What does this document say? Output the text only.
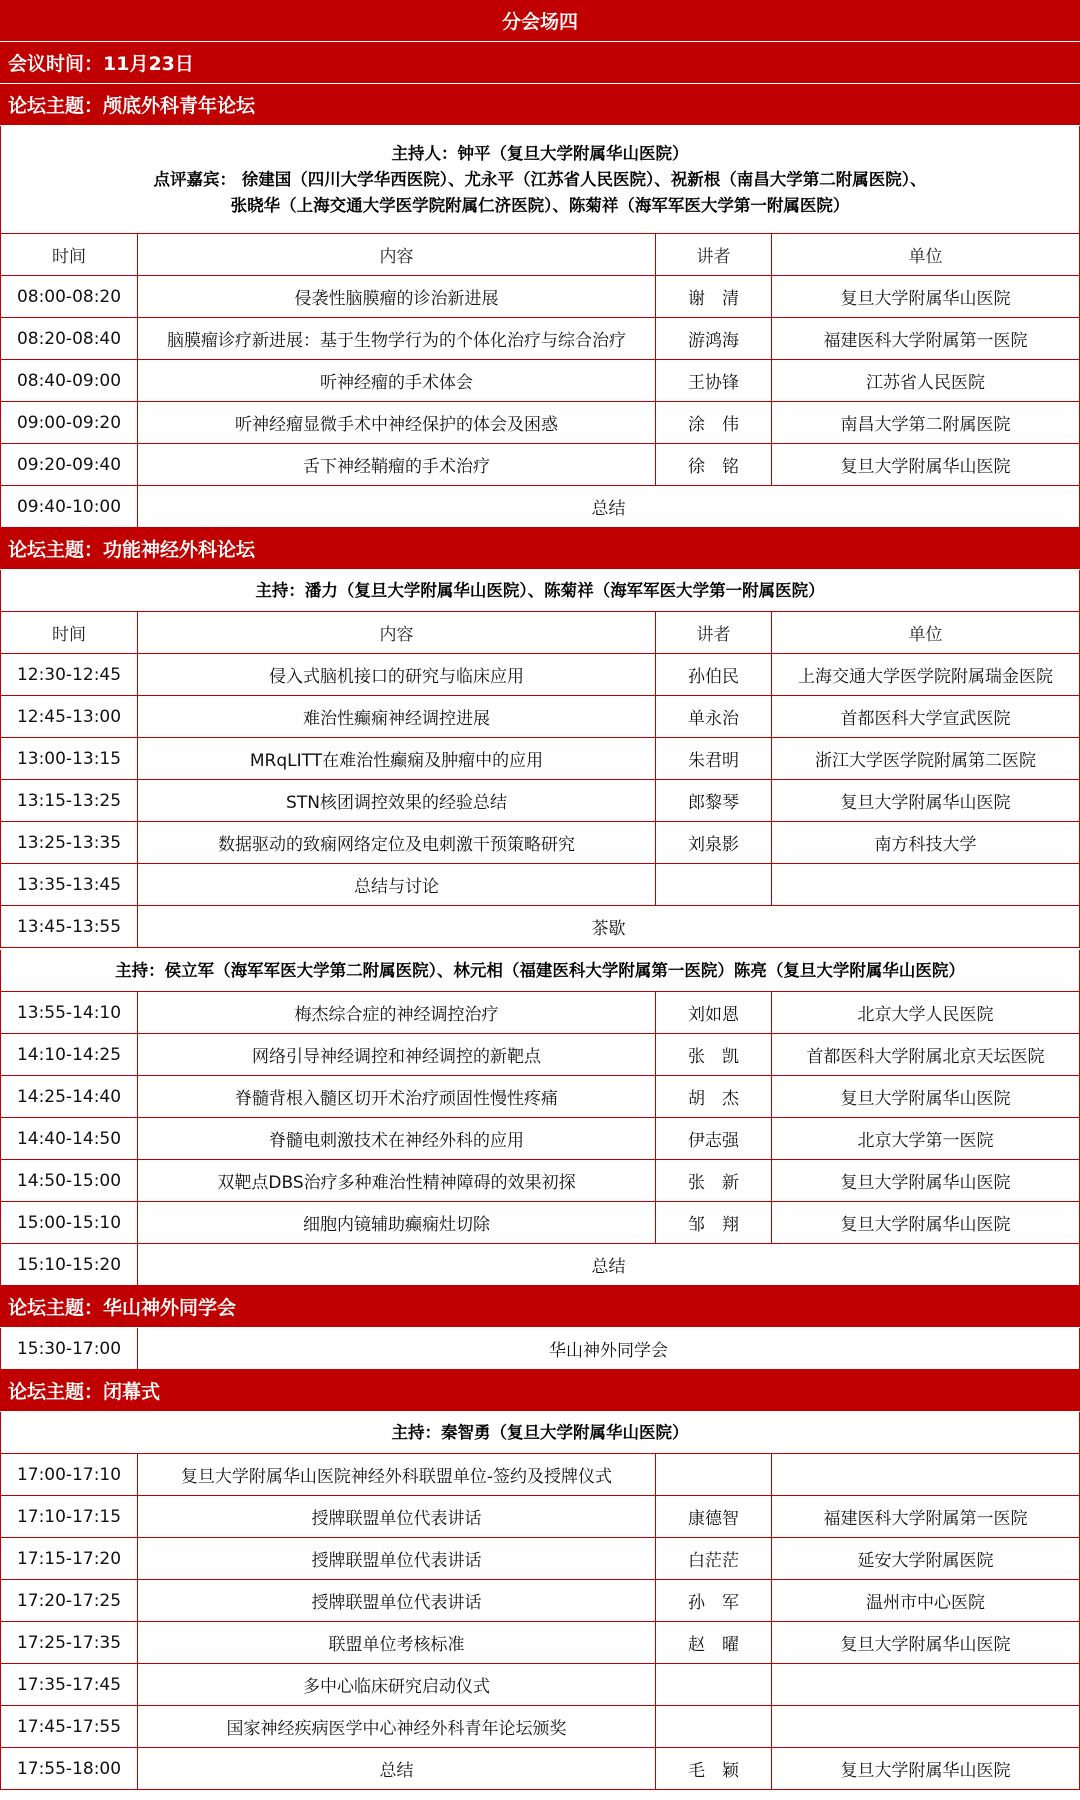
分会场四
会议时间：11月23日
论坛主题：颅底外科青年论坛
主持人：钟平（复旦大学附属华山医院）
点评嘉宾： 徐建国（四川大学华西医院）、尤永平（江苏省人民医院）、祝新根（南昌大学第二附属医院）、
张晓华（上海交通大学医学院附属仁济医院）、陈菊祥（海军军医大学第一附属医院）
时间	内容	讲者	单位
08:00-08:20	侵袭性脑膜瘤的诊治新进展	谢　清	复旦大学附属华山医院
08:20-08:40	脑膜瘤诊疗新进展：基于生物学行为的个体化治疗与综合治疗	游鸿海	福建医科大学附属第一医院
08:40-09:00	听神经瘤的手术体会	王协锋	江苏省人民医院
09:00-09:20	听神经瘤显微手术中神经保护的体会及困惑	涂　伟	南昌大学第二附属医院
09:20-09:40	舌下神经鞘瘤的手术治疗	徐　铭	复旦大学附属华山医院
09:40-10:00	总结
论坛主题：功能神经外科论坛
主持：潘力（复旦大学附属华山医院）、陈菊祥（海军军医大学第一附属医院）
时间	内容	讲者	单位
12:30-12:45	侵入式脑机接口的研究与临床应用	孙伯民	上海交通大学医学院附属瑞金医院
12:45-13:00	难治性癫痫神经调控进展	单永治	首都医科大学宣武医院
13:00-13:15	MRqLITT在难治性癫痫及肿瘤中的应用	朱君明	浙江大学医学院附属第二医院
13:15-13:25	STN核团调控效果的经验总结	郎黎琴	复旦大学附属华山医院
13:25-13:35	数据驱动的致痫网络定位及电刺激干预策略研究	刘泉影	南方科技大学
13:35-13:45	总结与讨论
13:45-13:55	茶歇
主持：侯立军（海军军医大学第二附属医院）、林元相（福建医科大学附属第一医院）陈亮（复旦大学附属华山医院）
13:55-14:10	梅杰综合症的神经调控治疗	刘如恩	北京大学人民医院
14:10-14:25	网络引导神经调控和神经调控的新靶点	张　凯	首都医科大学附属北京天坛医院
14:25-14:40	脊髓背根入髓区切开术治疗顽固性慢性疼痛	胡　杰	复旦大学附属华山医院
14:40-14:50	脊髓电刺激技术在神经外科的应用	伊志强	北京大学第一医院
14:50-15:00	双靶点DBS治疗多种难治性精神障碍的效果初探	张　新	复旦大学附属华山医院
15:00-15:10	细胞内镜辅助癫痫灶切除	邹　翔	复旦大学附属华山医院
15:10-15:20	总结
论坛主题：华山神外同学会
15:30-17:00	华山神外同学会
论坛主题：闭幕式
主持：秦智勇（复旦大学附属华山医院）
17:00-17:10	复旦大学附属华山医院神经外科联盟单位-签约及授牌仪式
17:10-17:15	授牌联盟单位代表讲话	康德智	福建医科大学附属第一医院
17:15-17:20	授牌联盟单位代表讲话	白茫茫	延安大学附属医院
17:20-17:25	授牌联盟单位代表讲话	孙　军	温州市中心医院
17:25-17:35	联盟单位考核标准	赵　曜	复旦大学附属华山医院
17:35-17:45	多中心临床研究启动仪式
17:45-17:55	国家神经疾病医学中心神经外科青年论坛颁奖
17:55-18:00	总结	毛　颖	复旦大学附属华山医院
